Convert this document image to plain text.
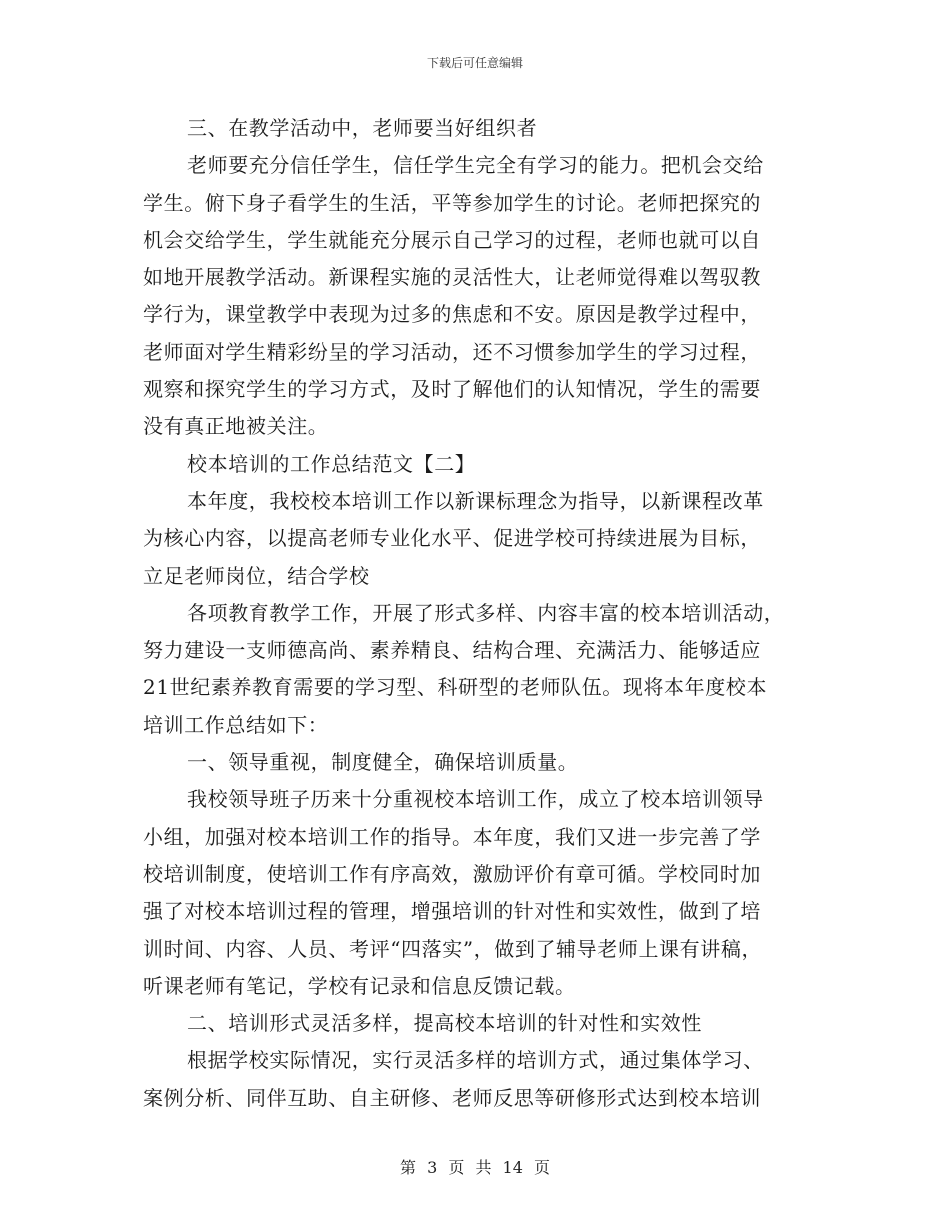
下载后可任意编辑
三、在教学活动中，老师要当好组织者
老师要充分信任学生，信任学生完全有学习的能力。把机会交给
学生。俯下身子看学生的生活，平等参加学生的讨论。老师把探究的
机会交给学生，学生就能充分展示自己学习的过程，老师也就可以自
如地开展教学活动。新课程实施的灵活性大，让老师觉得难以驾驭教
学行为，课堂教学中表现为过多的焦虑和不安。原因是教学过程中，
老师面对学生精彩纷呈的学习活动，还不习惯参加学生的学习过程，
观察和探究学生的学习方式，及时了解他们的认知情况，学生的需要
没有真正地被关注。
校本培训的工作总结范文【二】
本年度，我校校本培训工作以新课标理念为指导，以新课程改革
为核心内容，以提高老师专业化水平、促进学校可持续进展为目标，
立足老师岗位，结合学校
各项教育教学工作，开展了形式多样、内容丰富的校本培训活动，
努力建设一支师德高尚、素养精良、结构合理、充满活力、能够适应
21世纪素养教育需要的学习型、科研型的老师队伍。现将本年度校本
培训工作总结如下：
一、领导重视，制度健全，确保培训质量。
我校领导班子历来十分重视校本培训工作，成立了校本培训领导
小组，加强对校本培训工作的指导。本年度，我们又进一步完善了学
校培训制度，使培训工作有序高效，激励评价有章可循。学校同时加
强了对校本培训过程的管理，增强培训的针对性和实效性，做到了培
训时间、内容、人员、考评“四落实”，做到了辅导老师上课有讲稿，
听课老师有笔记，学校有记录和信息反馈记载。
二、培训形式灵活多样，提高校本培训的针对性和实效性
根据学校实际情况，实行灵活多样的培训方式，通过集体学习、
案例分析、同伴互助、自主研修、老师反思等研修形式达到校本培训
第 3 页 共 14 页
